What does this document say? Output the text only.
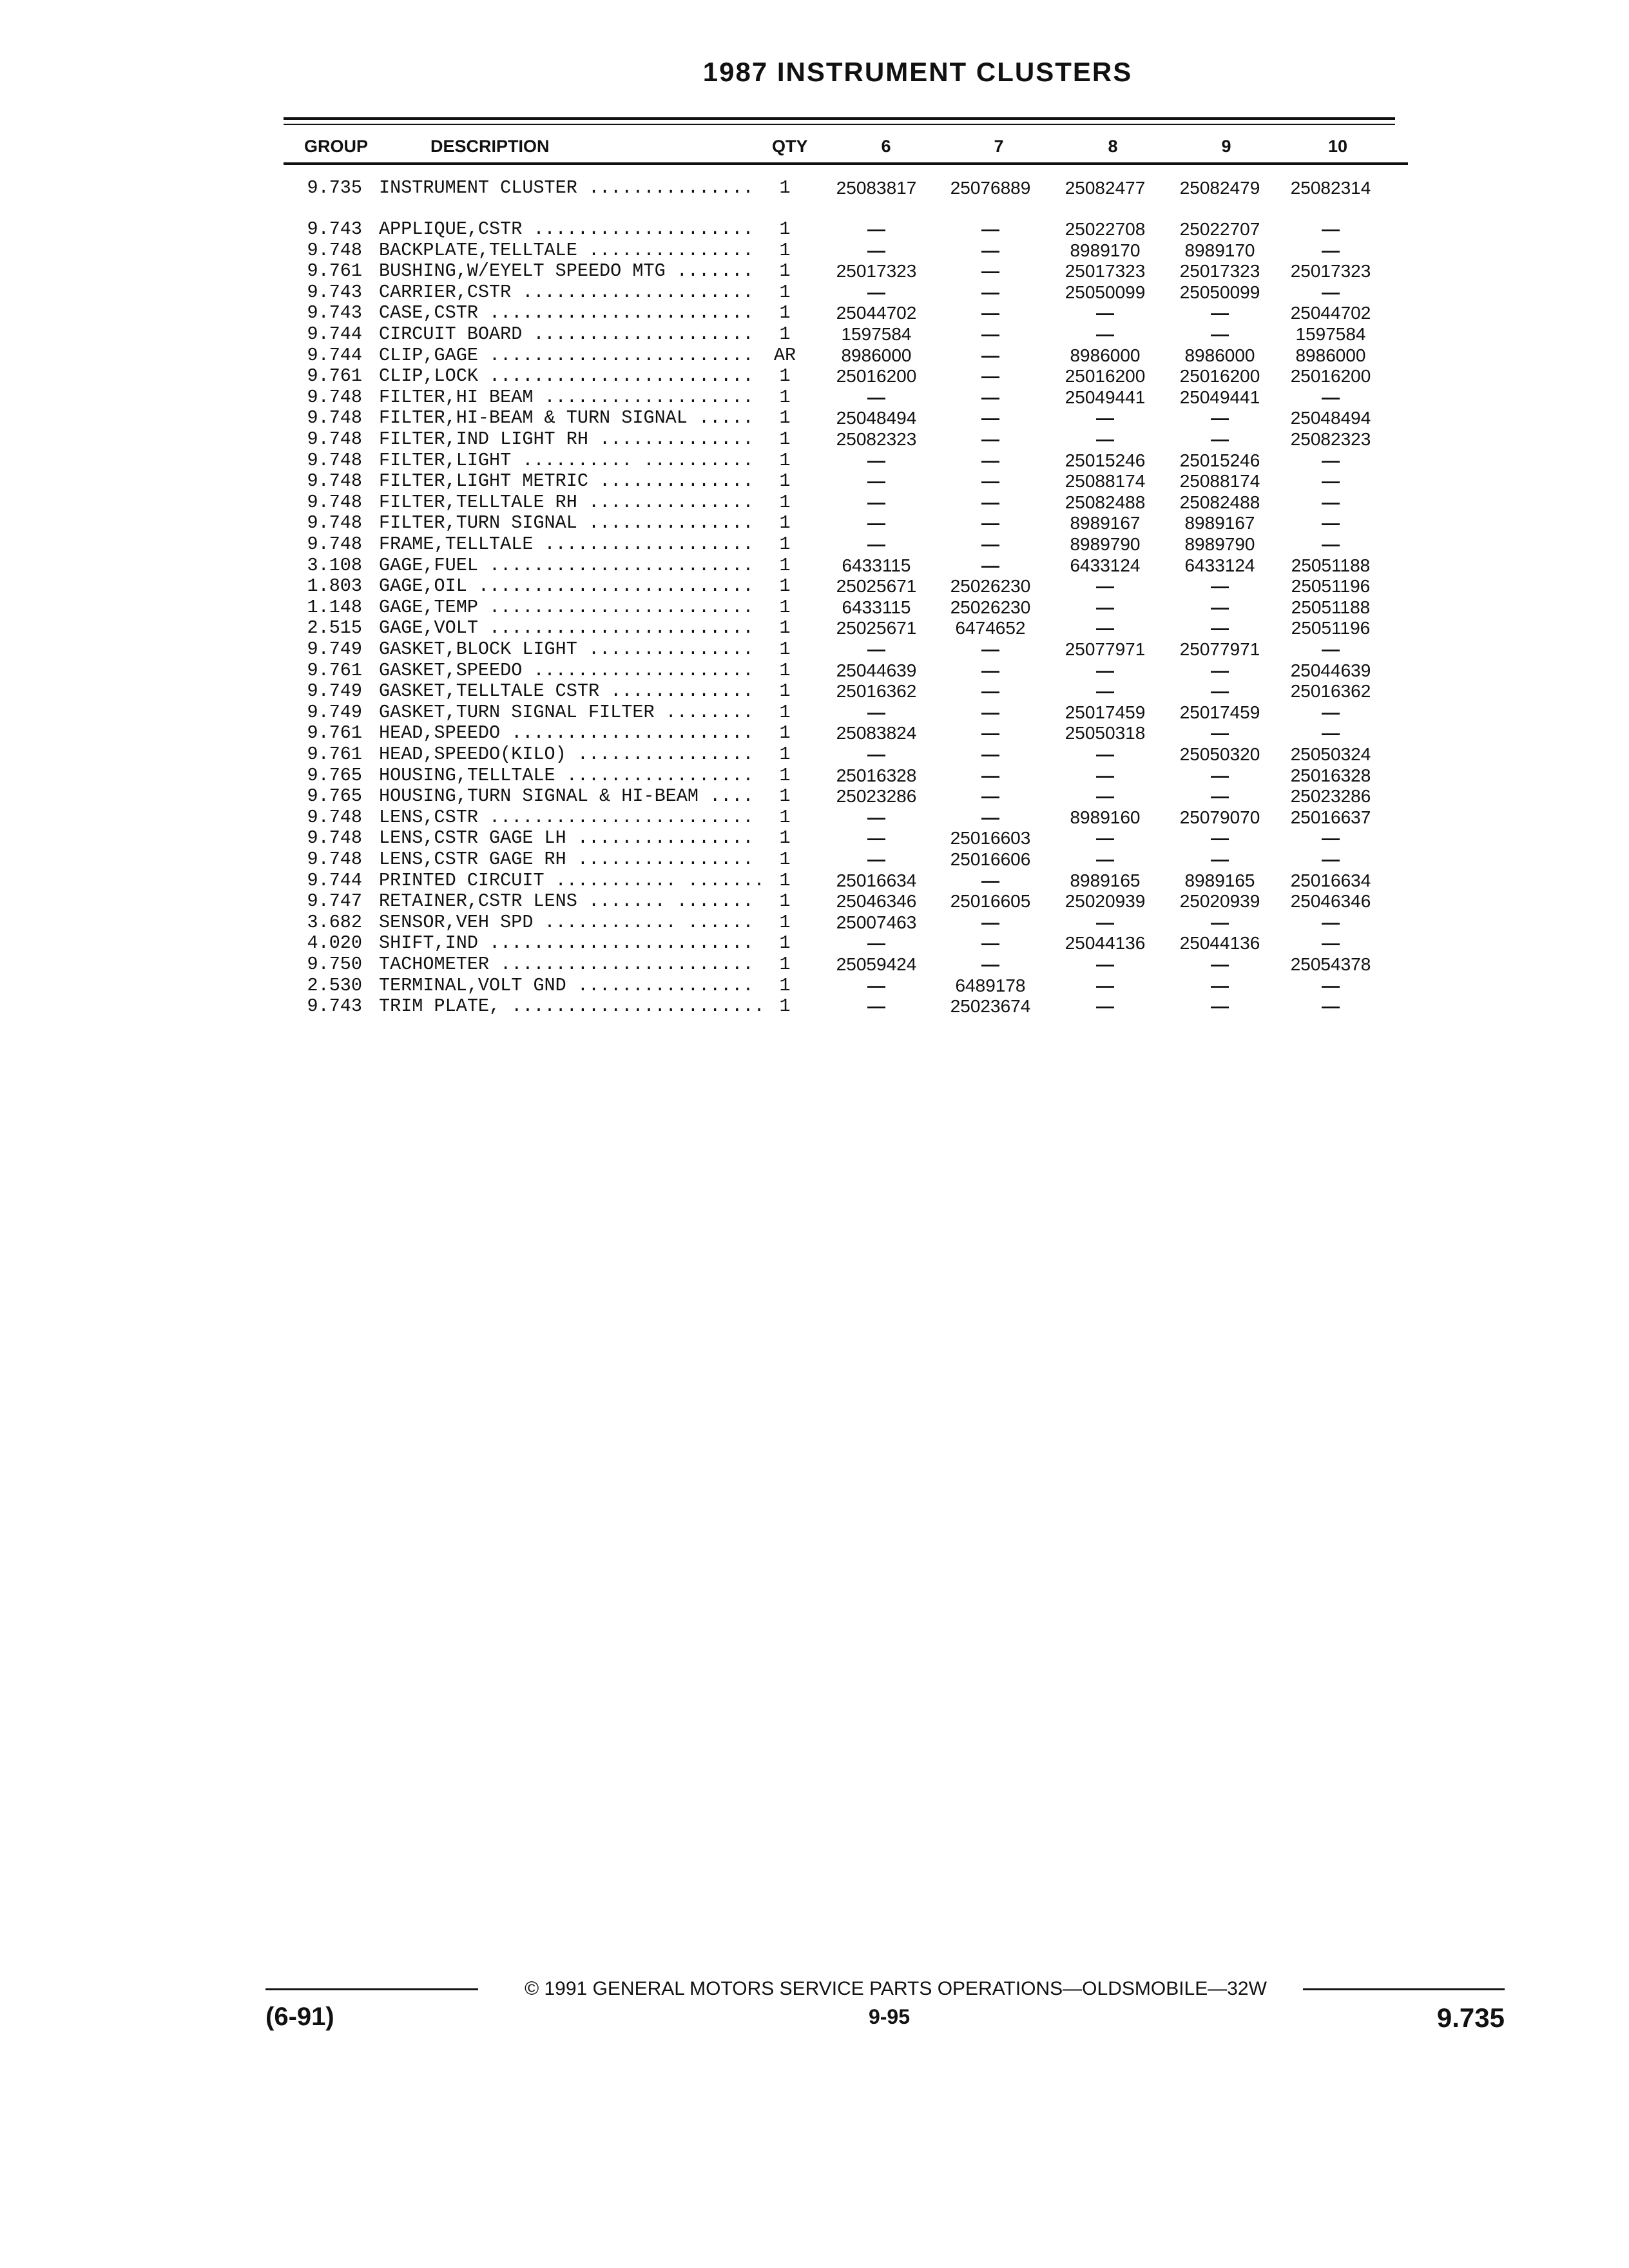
1987 INSTRUMENT CLUSTERS
GROUP	DESCRIPTION	QTY	6	7	8	9	10
9.735 INSTRUMENT CLUSTER ...............	1	25083817	25076889	25082477	25082479	25082314
9.743 APPLIQUE,CSTR ....................	1	—	—	25022708	25022707	—
9.748 BACKPLATE,TELLTALE ...............	1	—	—	8989170	8989170	—
9.761 BUSHING,W/EYELT SPEEDO MTG .......	1	25017323	—	25017323	25017323	25017323
9.743 CARRIER,CSTR .....................	1	—	—	25050099	25050099	—
9.743 CASE,CSTR ........................	1	25044702	—	—	—	25044702
9.744 CIRCUIT BOARD ....................	1	1597584	—	—	—	1597584
9.744 CLIP,GAGE ........................	AR	8986000	—	8986000	8986000	8986000
9.761 CLIP,LOCK ........................	1	25016200	—	25016200	25016200	25016200
9.748 FILTER,HI BEAM ...................	1	—	—	25049441	25049441	—
9.748 FILTER,HI-BEAM & TURN SIGNAL .....	1	25048494	—	—	—	25048494
9.748 FILTER,IND LIGHT RH ..............	1	25082323	—	—	—	25082323
9.748 FILTER,LIGHT .......... ..........	1	—	—	25015246	25015246	—
9.748 FILTER,LIGHT METRIC ..............	1	—	—	25088174	25088174	—
9.748 FILTER,TELLTALE RH ...............	1	—	—	25082488	25082488	—
9.748 FILTER,TURN SIGNAL ...............	1	—	—	8989167	8989167	—
9.748 FRAME,TELLTALE ...................	1	—	—	8989790	8989790	—
3.108 GAGE,FUEL ........................	1	6433115	—	6433124	6433124	25051188
1.803 GAGE,OIL .........................	1	25025671	25026230	—	—	25051196
1.148 GAGE,TEMP ........................	1	6433115	25026230	—	—	25051188
2.515 GAGE,VOLT ........................	1	25025671	6474652	—	—	25051196
9.749 GASKET,BLOCK LIGHT ...............	1	—	—	25077971	25077971	—
9.761 GASKET,SPEEDO ....................	1	25044639	—	—	—	25044639
9.749 GASKET,TELLTALE CSTR .............	1	25016362	—	—	—	25016362
9.749 GASKET,TURN SIGNAL FILTER ........	1	—	—	25017459	25017459	—
9.761 HEAD,SPEEDO ......................	1	25083824	—	25050318	—	—
9.761 HEAD,SPEEDO(KILO) ................	1	—	—	—	25050320	25050324
9.765 HOUSING,TELLTALE .................	1	25016328	—	—	—	25016328
9.765 HOUSING,TURN SIGNAL & HI-BEAM ....	1	25023286	—	—	—	25023286
9.748 LENS,CSTR ........................	1	—	—	8989160	25079070	25016637
9.748 LENS,CSTR GAGE LH ................	1	—	25016603	—	—	—
9.748 LENS,CSTR GAGE RH ................	1	—	25016606	—	—	—
9.744 PRINTED CIRCUIT ........... ....... 1	25016634	—	8989165	8989165	25016634
9.747 RETAINER,CSTR LENS ....... .......	1	25046346	25016605	25020939	25020939	25046346
3.682 SENSOR,VEH SPD ............ ......	1	25007463	—	—	—	—
4.020 SHIFT,IND ........................	1	—	—	25044136	25044136	—
9.750 TACHOMETER .......................	1	25059424	—	—	—	25054378
2.530 TERMINAL,VOLT GND ................	1	—	6489178	—	—	—
9.743 TRIM PLATE, ....................... 1	—	25023674	—	—	—
© 1991 GENERAL MOTORS SERVICE PARTS OPERATIONS—OLDSMOBILE—32W
(6-91)	9-95	9.735
